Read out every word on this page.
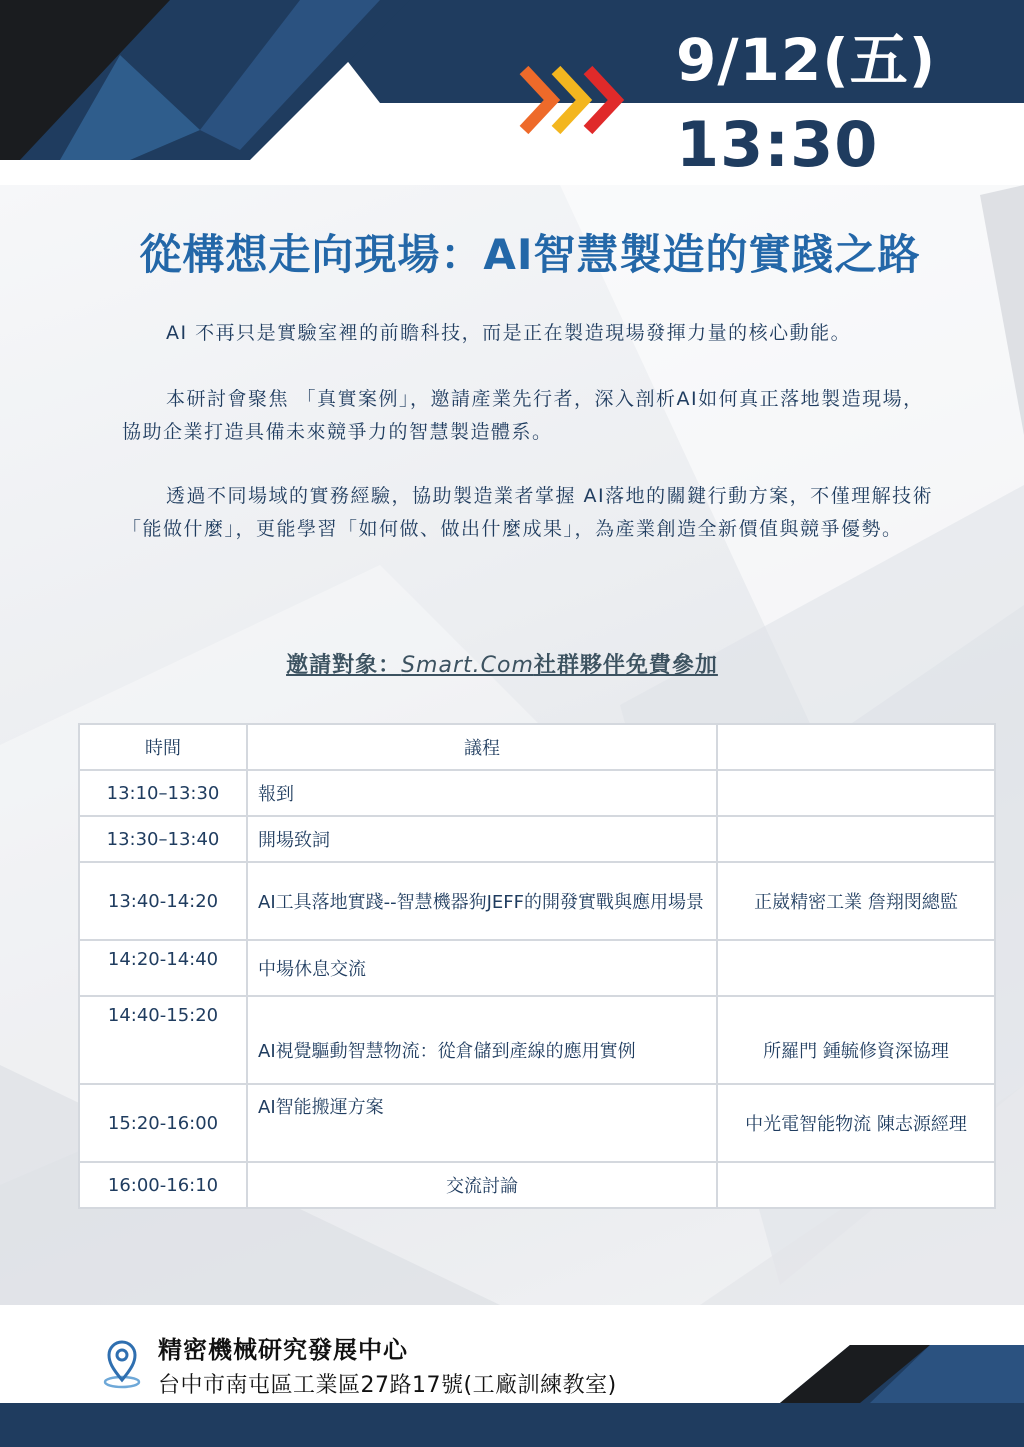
9/12(五)
13:30
從構想走向現場：AI智慧製造的實踐之路

AI 不再只是實驗室裡的前瞻科技，而是正在製造現場發揮力量的核心動能。

本研討會聚焦 「真實案例」，邀請產業先行者，深入剖析AI如何真正落地製造現場，協助企業打造具備未來競爭力的智慧製造體系。

透過不同場域的實務經驗，協助製造業者掌握 AI落地的關鍵行動方案，不僅理解技術「能做什麼」，更能學習「如何做、做出什麼成果」，為產業創造全新價值與競爭優勢。

邀請對象：Smart.Com社群夥伴免費參加
時間	議程	
13:10–13:30	報到	
13:30–13:40	開場致詞	
13:40-14:20	AI工具落地實踐--智慧機器狗JEFF的開發實戰與應用場景	正崴精密工業 詹翔閔總監
14:20-14:40	中場休息交流	
14:40-15:20	AI視覺驅動智慧物流：從倉儲到產線的應用實例	所羅門 鍾毓修資深協理
15:20-16:00	AI智能搬運方案	中光電智能物流 陳志源經理
16:00-16:10	交流討論	
精密機械研究發展中心
台中市南屯區工業區27路17號(工廠訓練教室)
